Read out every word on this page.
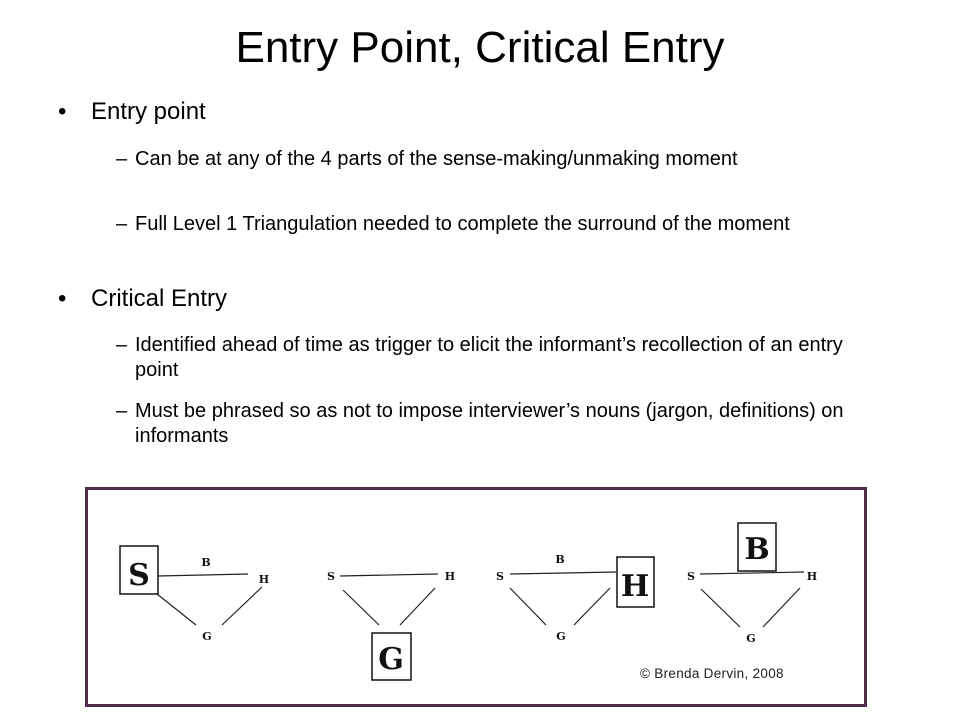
Entry Point, Critical Entry
• Entry point
– Can be at any of the 4 parts of the sense-making/unmaking moment
– Full Level 1 Triangulation needed to complete the surround of the moment
• Critical Entry
– Identified ahead of time as trigger to elicit the informant’s recollection of an entry point
– Must be phrased so as not to impose interviewer’s nouns (jargon, definitions) on informants
S	B
H
G
S	H
G
S
B
H
G
S
B
H
G
© Brenda Dervin, 2008
